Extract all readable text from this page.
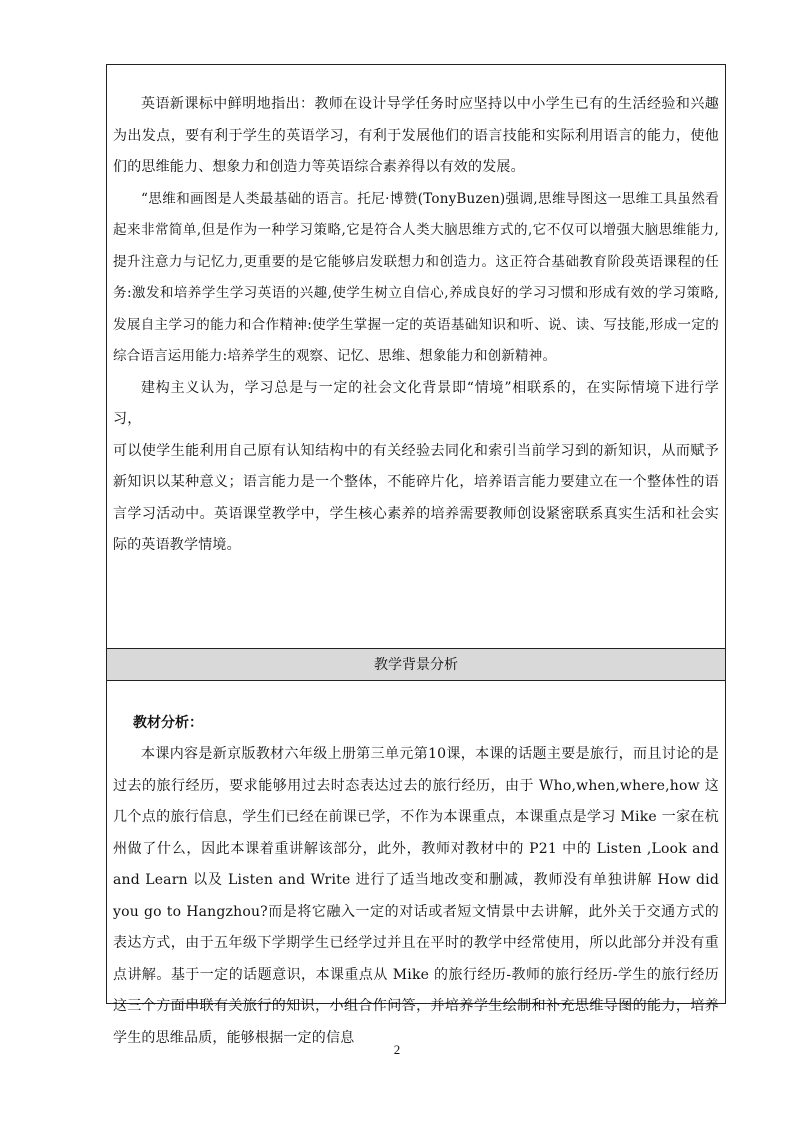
英语新课标中鲜明地指出：教师在设计导学任务时应坚持以中小学生已有的生活经验和兴趣为出发点，要有利于学生的英语学习，有利于发展他们的语言技能和实际利用语言的能力，使他们的思维能力、想象力和创造力等英语综合素养得以有效的发展。

“思维和画图是人类最基础的语言。托尼·博赞(TonyBuzen)强调,思维导图这一思维工具虽然看起来非常简单,但是作为一种学习策略,它是符合人类大脑思维方式的,它不仅可以增强大脑思维能力,提升注意力与记忆力,更重要的是它能够启发联想力和创造力。这正符合基础教育阶段英语课程的任务:激发和培养学生学习英语的兴趣,使学生树立自信心,养成良好的学习习惯和形成有效的学习策略,发展自主学习的能力和合作精神:使学生掌握一定的英语基础知识和听、说、读、写技能,形成一定的综合语言运用能力:培养学生的观察、记忆、思维、想象能力和创新精神。

建构主义认为，学习总是与一定的社会文化背景即“情境”相联系的，在实际情境下进行学习，

可以使学生能利用自己原有认知结构中的有关经验去同化和索引当前学习到的新知识，从而赋予新知识以某种意义；语言能力是一个整体，不能碎片化，培养语言能力要建立在一个整体性的语言学习活动中。英语课堂教学中，学生核心素养的培养需要教师创设紧密联系真实生活和社会实际的英语教学情境。

教学背景分析
教材分析：

本课内容是新京版教材六年级上册第三单元第10课，本课的话题主要是旅行，而且讨论的是过去的旅行经历，要求能够用过去时态表达过去的旅行经历，由于 Who,when,where,how 这几个点的旅行信息，学生们已经在前课已学，不作为本课重点，本课重点是学习 Mike 一家在杭州做了什么，因此本课着重讲解该部分，此外，教师对教材中的 P21 中的 Listen ,Look and and Learn 以及 Listen and Write 进行了适当地改变和删减，教师没有单独讲解 How did you go to Hangzhou?而是将它融入一定的对话或者短文情景中去讲解，此外关于交通方式的表达方式，由于五年级下学期学生已经学过并且在平时的教学中经常使用，所以此部分并没有重点讲解。基于一定的话题意识，本课重点从 Mike 的旅行经历-教师的旅行经历-学生的旅行经历这三个方面串联有关旅行的知识，小组合作问答，并培养学生绘制和补充思维导图的能力，培养学生的思维品质，能够根据一定的信息

2
